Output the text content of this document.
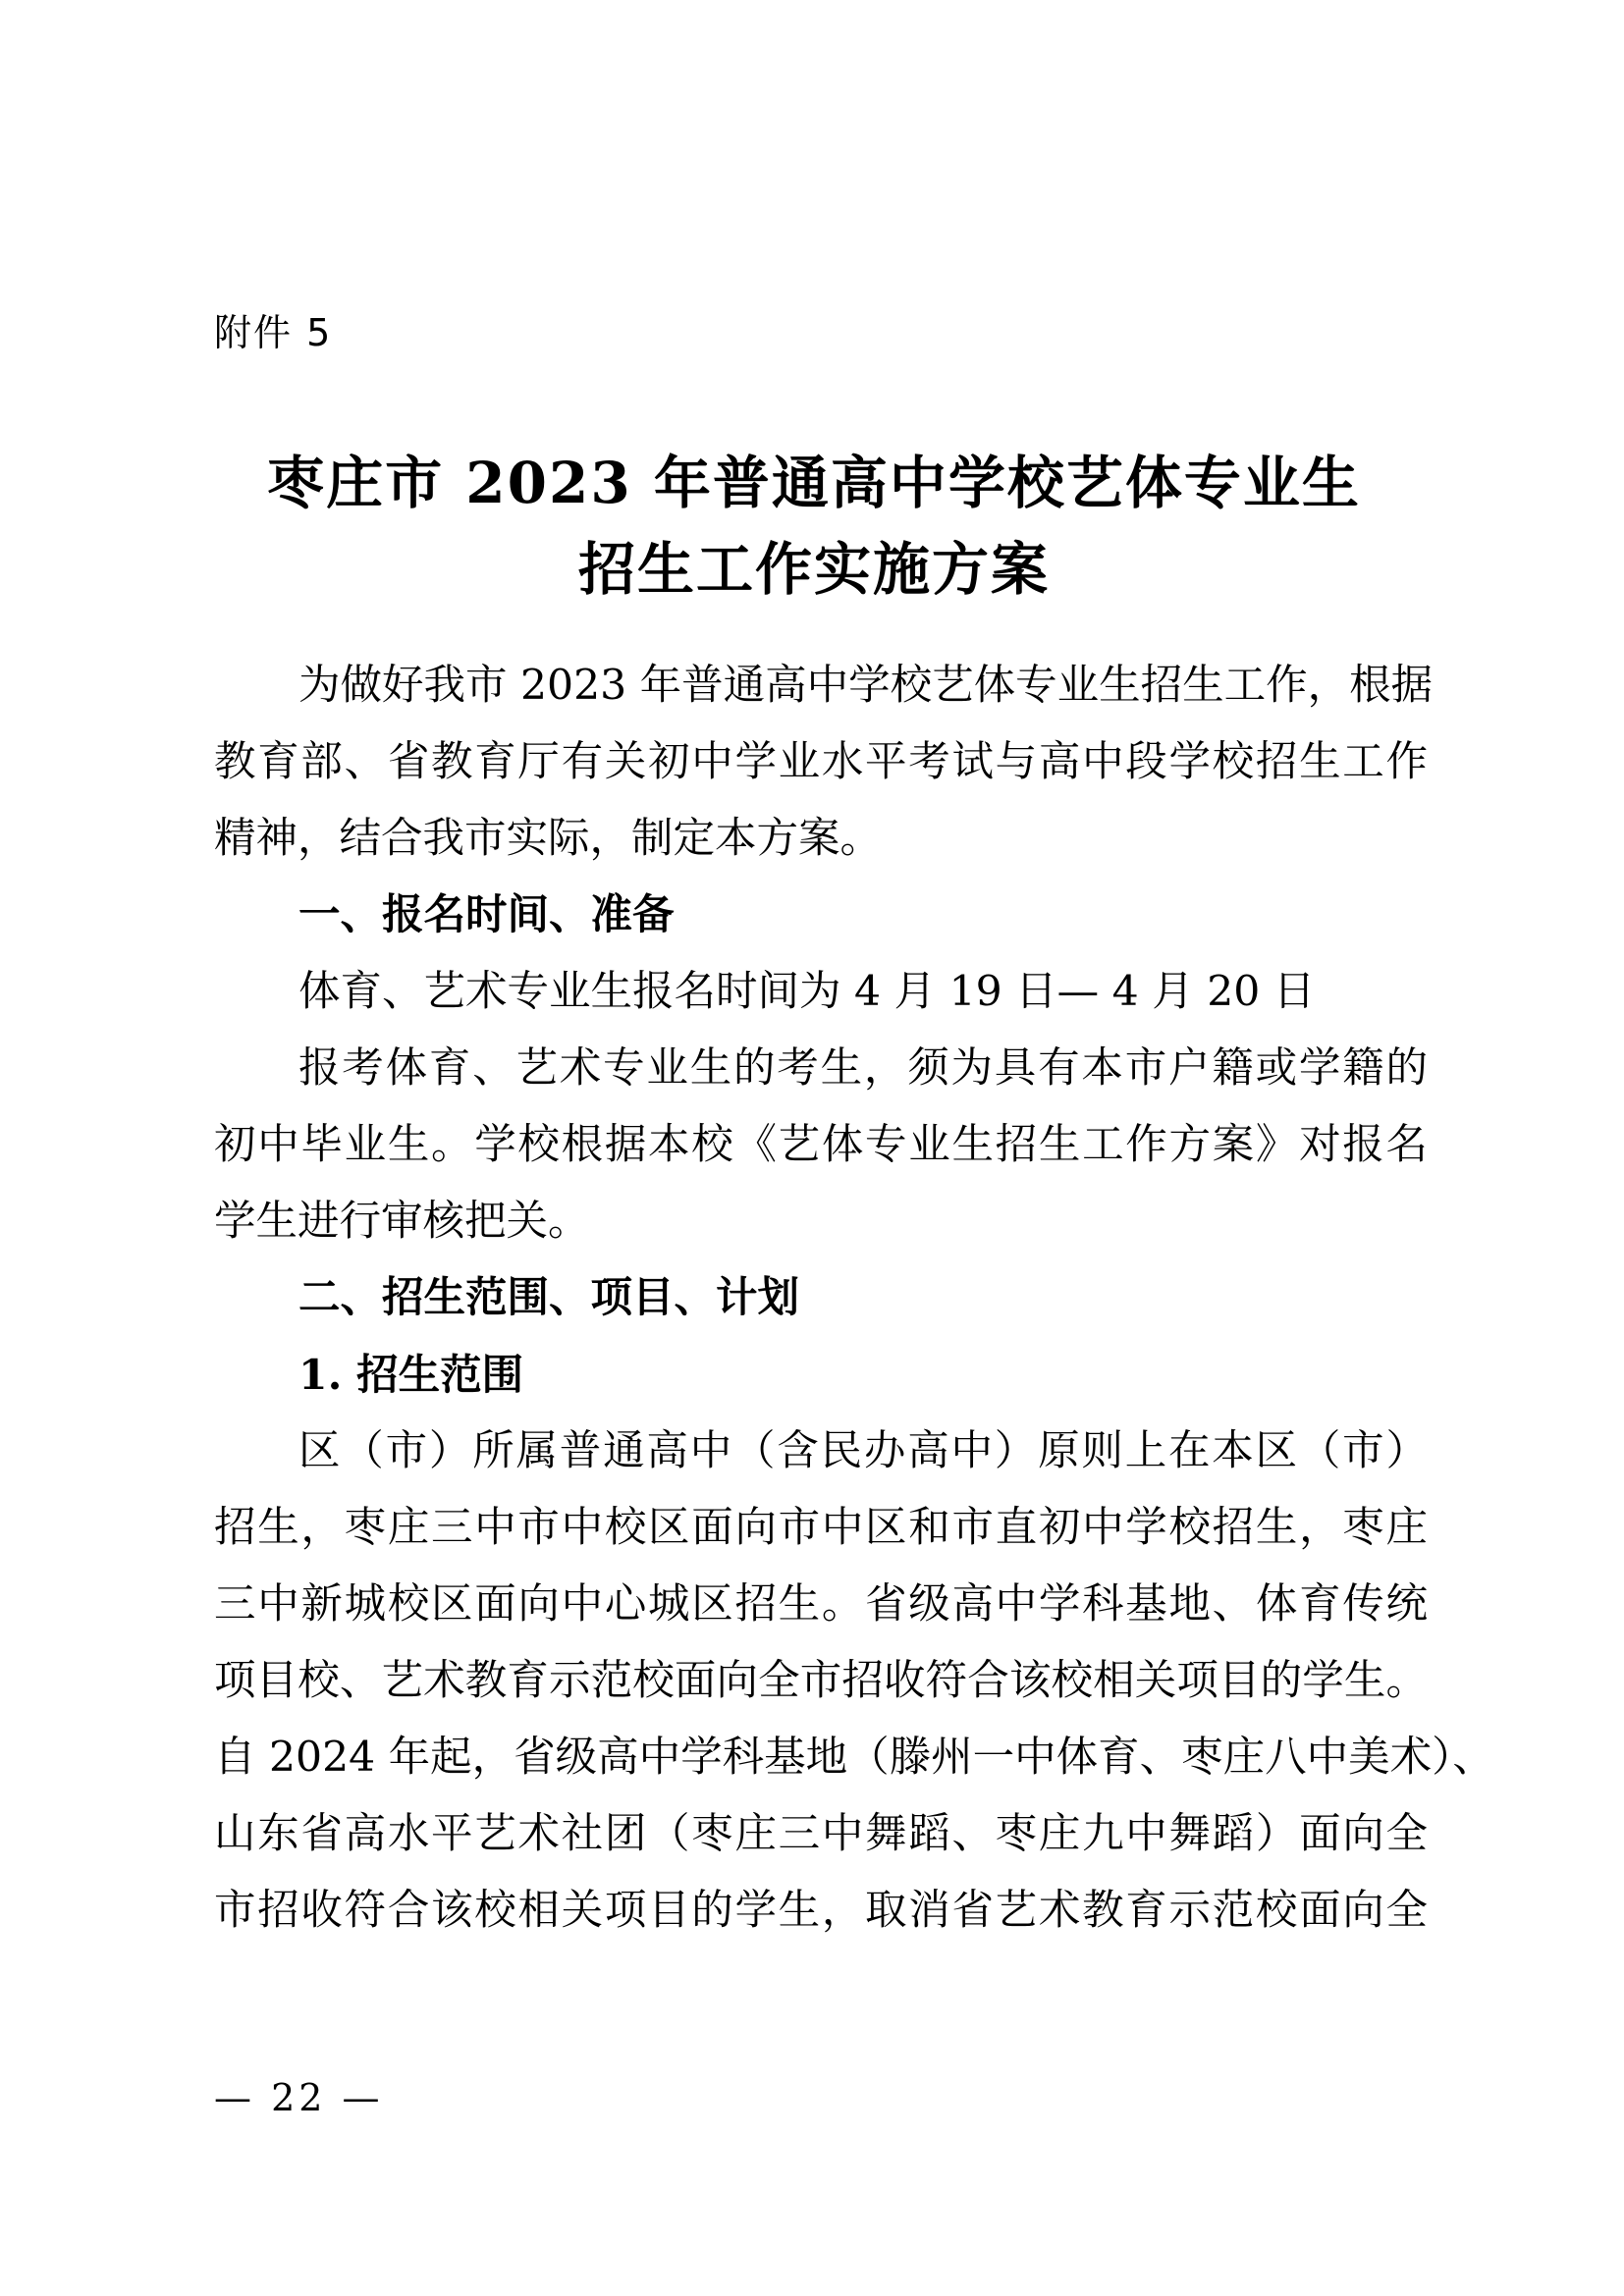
附件 5
枣庄市 2023 年普通高中学校艺体专业生
招生工作实施方案
为做好我市 2023 年普通高中学校艺体专业生招生工作，根据
教育部、省教育厅有关初中学业水平考试与高中段学校招生工作
精神，结合我市实际，制定本方案。
一、报名时间、准备
体育、艺术专业生报名时间为 4 月 19 日— 4 月 20 日
报考体育、艺术专业生的考生，须为具有本市户籍或学籍的
初中毕业生。学校根据本校《艺体专业生招生工作方案》对报名
学生进行审核把关。
二、招生范围、项目、计划
1. 招生范围
区（市）所属普通高中（含民办高中）原则上在本区（市）
招生，枣庄三中市中校区面向市中区和市直初中学校招生，枣庄
三中新城校区面向中心城区招生。省级高中学科基地、体育传统
项目校、艺术教育示范校面向全市招收符合该校相关项目的学生。
自 2024 年起，省级高中学科基地（滕州一中体育、枣庄八中美术）、
山东省高水平艺术社团（枣庄三中舞蹈、枣庄九中舞蹈）面向全
市招收符合该校相关项目的学生，取消省艺术教育示范校面向全
— 22 —
